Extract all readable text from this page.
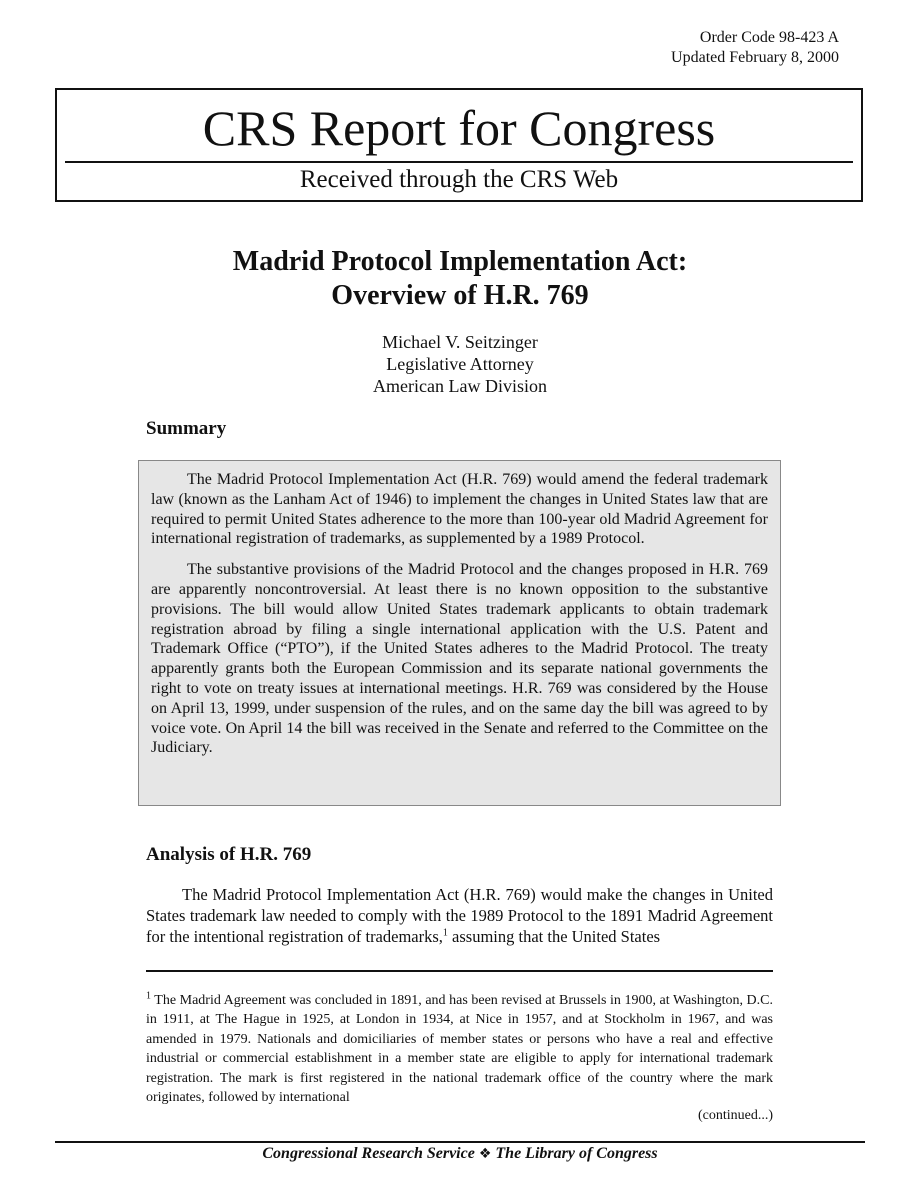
Order Code 98-423 A
Updated February 8, 2000
CRS Report for Congress
Received through the CRS Web
Madrid Protocol Implementation Act:
Overview of H.R. 769
Michael V. Seitzinger
Legislative Attorney
American Law Division
Summary

The Madrid Protocol Implementation Act (H.R. 769) would amend the federal trademark law (known as the Lanham Act of 1946) to implement the changes in United States law that are required to permit United States adherence to the more than 100-year old Madrid Agreement for international registration of trademarks, as supplemented by a 1989 Protocol.

The substantive provisions of the Madrid Protocol and the changes proposed in H.R. 769 are apparently noncontroversial. At least there is no known opposition to the substantive provisions. The bill would allow United States trademark applicants to obtain trademark registration abroad by filing a single international application with the U.S. Patent and Trademark Office (“PTO”), if the United States adheres to the Madrid Protocol. The treaty apparently grants both the European Commission and its separate national governments the right to vote on treaty issues at international meetings. H.R. 769 was considered by the House on April 13, 1999, under suspension of the rules, and on the same day the bill was agreed to by voice vote. On April 14 the bill was received in the Senate and referred to the Committee on the Judiciary.

Analysis of H.R. 769

The Madrid Protocol Implementation Act (H.R. 769) would make the changes in United States trademark law needed to comply with the 1989 Protocol to the 1891 Madrid Agreement for the intentional registration of trademarks,$^1$ assuming that the United States

$^1$ The Madrid Agreement was concluded in 1891, and has been revised at Brussels in 1900, at Washington, D.C. in 1911, at The Hague in 1925, at London in 1934, at Nice in 1957, and at Stockholm in 1967, and was amended in 1979. Nationals and domiciliaries of member states or persons who have a real and effective industrial or commercial establishment in a member state are eligible to apply for international trademark registration. The mark is first registered in the national trademark office of the country where the mark originates, followed by international

(continued...)
Congressional Research Service ❖ The Library of Congress
